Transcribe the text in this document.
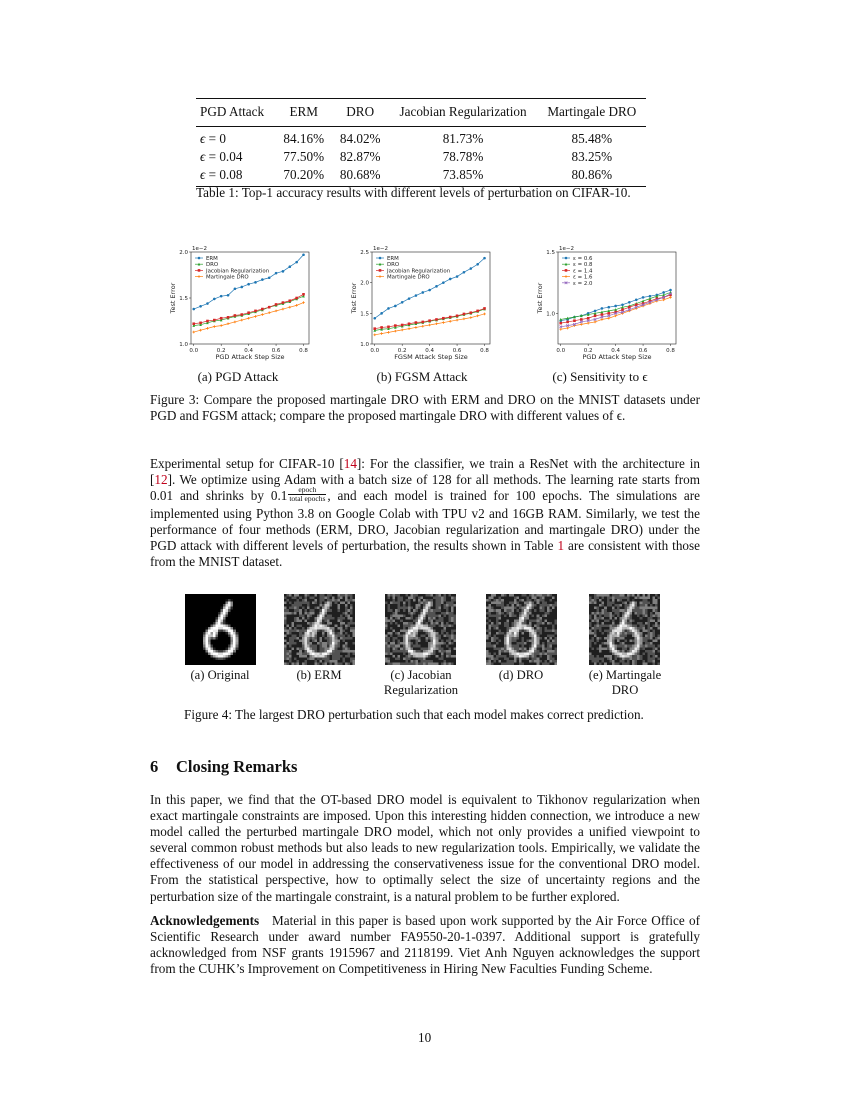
PGD Attack	ERM	DRO	Jacobian Regularization	Martingale DRO
ϵ = 0	84.16%	84.02%	81.73%	85.48%
ϵ = 0.04	77.50%	82.87%	78.78%	83.25%
ϵ = 0.08	70.20%	80.68%	73.85%	80.86%
Table 1: Top-1 accuracy results with different levels of perturbation on CIFAR-10.
1e−2
0.0	0.2	0.4	0.6	0.8
1.0
1.5
2.0
PGD Attack Step Size
Test Error
ERM
DRO
Jacobian Regularization
Martingale DRO
1e−2
0.0	0.2	0.4	0.6	0.8
1.0
1.5
2.0
2.5
FGSM Attack Step Size
Test Error
ERM
DRO
Jacobian Regularization
Martingale DRO
1e−2
0.0	0.2	0.4	0.6	0.8
1.0
1.5
PGD Attack Step Size
Test Error
ε = 0.6
ε = 0.8
ε = 1.4
ε = 1.6
ε = 2.0
(a) PGD Attack	(b) FGSM Attack	(c) Sensitivity to ϵ
Figure 3: Compare the proposed martingale DRO with ERM and DRO on the MNIST datasets under PGD and FGSM attack; compare the proposed martingale DRO with different values of ϵ.
Experimental setup for CIFAR-10 [14]: For the classifier, we train a ResNet with the architecture in [12]. We optimize using Adam with a batch size of 128 for all methods. The learning rate starts from 0.01 and shrinks by $0.1 \frac{\text{epoch}}{\text{total epochs}}$ , and each model is trained for 100 epochs. The simulations are implemented using Python 3.8 on Google Colab with TPU v2 and 16GB RAM. Similarly, we test the performance of four methods (ERM, DRO, Jacobian regularization and martingale DRO) under the PGD attack with different levels of perturbation, the results shown in Table 1 are consistent with those from the MNIST dataset.
(a) Original	(b) ERM	(c) Jacobian Regularization
(d) DRO	(e) Martingale DRO
Figure 4: The largest DRO perturbation such that each model makes correct prediction.
6 Closing Remarks
In this paper, we find that the OT-based DRO model is equivalent to Tikhonov regularization when exact martingale constraints are imposed. Upon this interesting hidden connection, we introduce a new model called the perturbed martingale DRO model, which not only provides a unified viewpoint to several common robust methods but also leads to new regularization tools. Empirically, we validate the effectiveness of our model in addressing the conservativeness issue for the conventional DRO model. From the statistical perspective, how to optimally select the size of uncertainty regions and the perturbation size of the martingale constraint, is a natural problem to be further explored.
Acknowledgements Material in this paper is based upon work supported by the Air Force Office of Scientific Research under award number FA9550-20-1-0397. Additional support is gratefully acknowledged from NSF grants 1915967 and 2118199. Viet Anh Nguyen acknowledges the support from the CUHK’s Improvement on Competitiveness in Hiring New Faculties Funding Scheme.
10
